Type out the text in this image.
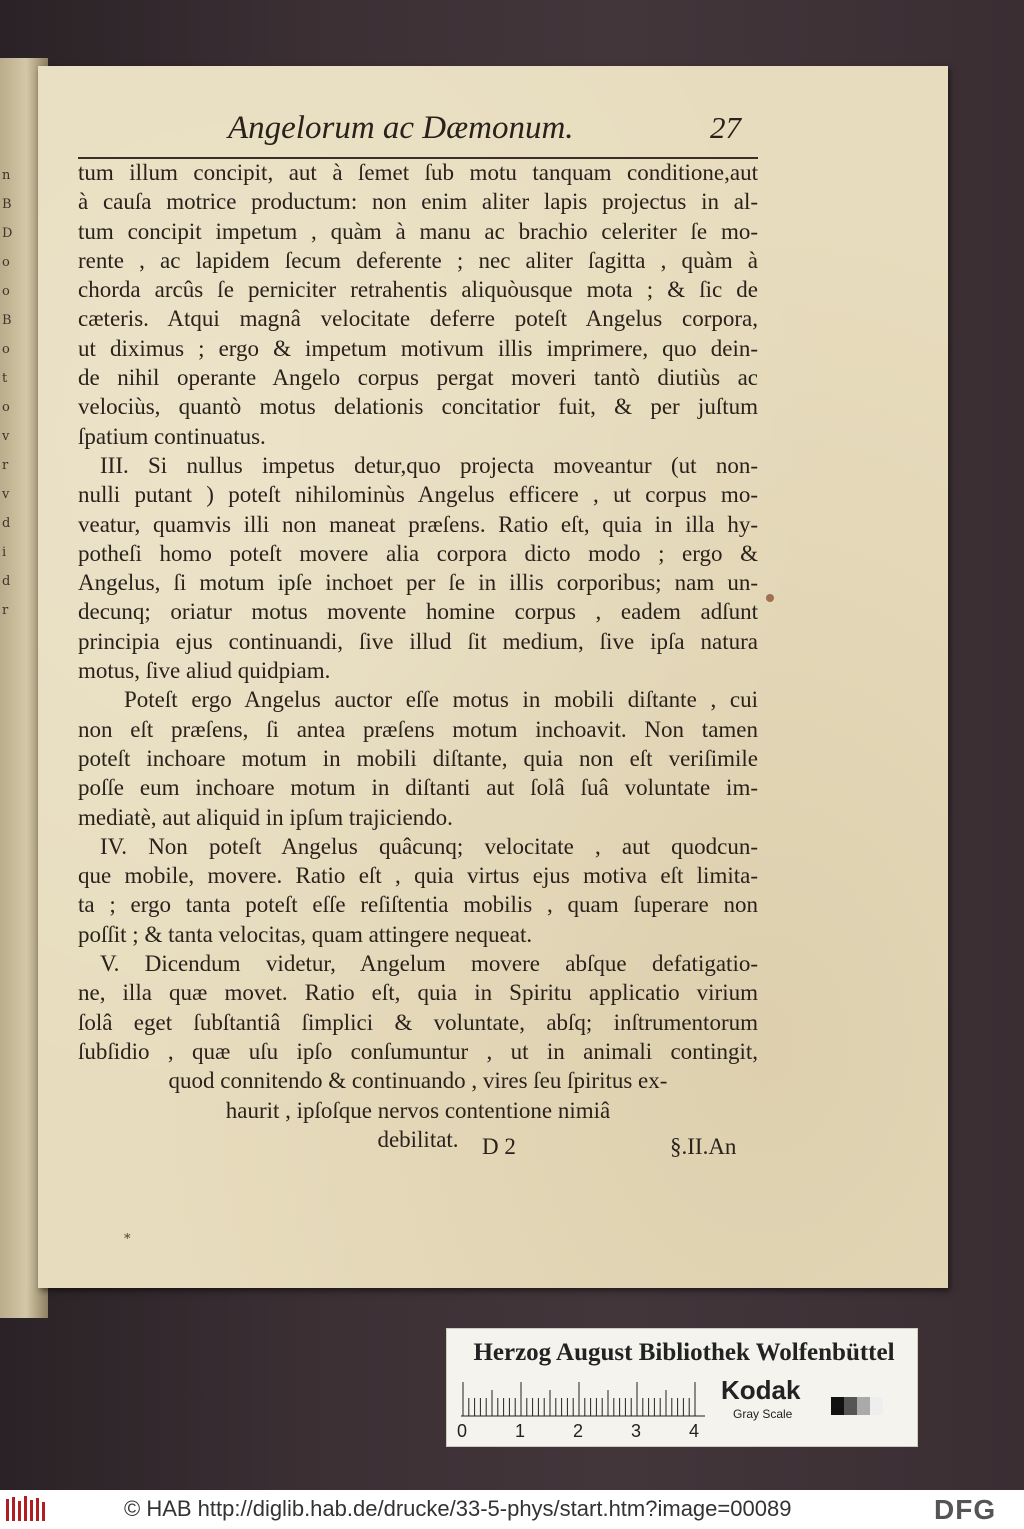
n
B
D
o
o
B
o
t
o
v
r
v
d
i
d
r
Angelorum ac Dæmonum.	27
tum illum concipit, aut à ſemet ſub motu tanquam conditione,aut
à cauſa motrice productum: non enim aliter lapis projectus in al-
tum concipit impetum , quàm à manu ac brachio celeriter ſe mo-
rente , ac lapidem ſecum deferente ; nec aliter ſagitta , quàm à
chorda arcûs ſe perniciter retrahentis aliquòusque mota ; & ſic de
cæteris. Atqui magnâ velocitate deferre poteſt Angelus corpora,
ut diximus ; ergo & impetum motivum illis imprimere, quo dein-
de nihil operante Angelo corpus pergat moveri tantò diutiùs ac
velociùs, quantò motus delationis concitatior fuit, & per juſtum
ſpatium continuatus.
III. Si nullus impetus detur,quo projecta moveantur (ut non-
nulli putant ) poteſt nihilominùs Angelus efficere , ut corpus mo-
veatur, quamvis illi non maneat præſens. Ratio eſt, quia in illa hy-
potheſi homo poteſt movere alia corpora dicto modo ; ergo &
Angelus, ſi motum ipſe inchoet per ſe in illis corporibus; nam un-
decunq; oriatur motus movente homine corpus , eadem adſunt
principia ejus continuandi, ſive illud ſit medium, ſive ipſa natura
motus, ſive aliud quidpiam.
Poteſt ergo Angelus auctor eſſe motus in mobili diſtante , cui
non eſt præſens, ſi antea præſens motum inchoavit. Non tamen
poteſt inchoare motum in mobili diſtante, quia non eſt veriſimile
poſſe eum inchoare motum in diſtanti aut ſolâ ſuâ voluntate im-
mediatè, aut aliquid in ipſum trajiciendo.
IV. Non poteſt Angelus quâcunq; velocitate , aut quodcun-
que mobile, movere. Ratio eſt , quia virtus ejus motiva eſt limita-
ta ; ergo tanta poteſt eſſe reſiſtentia mobilis , quam ſuperare non
poſſit ; & tanta velocitas, quam attingere nequeat.
V. Dicendum videtur, Angelum movere abſque defatigatio-
ne, illa quæ movet. Ratio eſt, quia in Spiritu applicatio virium
ſolâ eget ſubſtantiâ ſimplici & voluntate, abſq; inſtrumentorum
ſubſidio , quæ uſu ipſo conſumuntur , ut in animali contingit,
quod connitendo & continuando , vires ſeu ſpiritus ex-
haurit , ipſoſque nervos contentione nimiâ
debilitat.	D 2	§.II.An
*
Herzog August Bibliothek Wolfenbüttel
0	1	2	3	4
Kodak
Gray Scale
© HAB http://diglib.hab.de/drucke/33-5-phys/start.htm?image=00089	DFG
